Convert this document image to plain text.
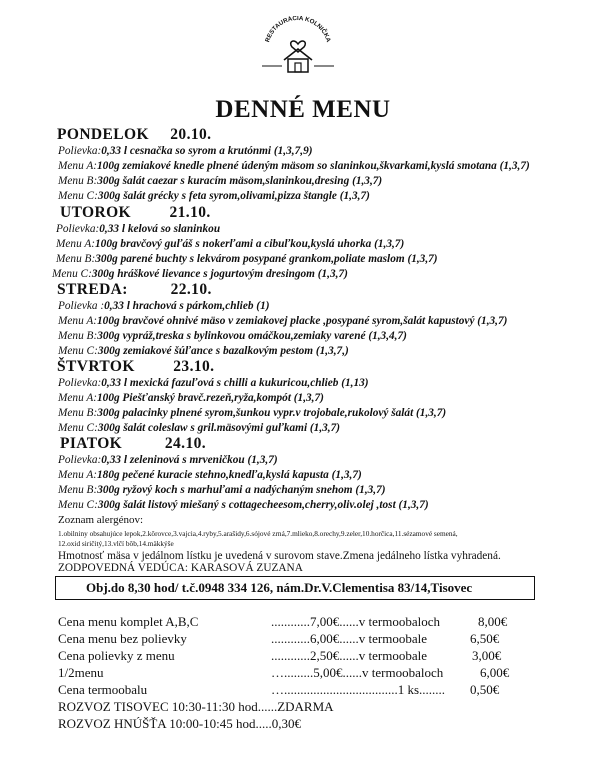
RESTAURÁCIA KOLNIČKA
DENNÉ MENU
PONDELOK 20.10.
Polievka:0,33 l cesnačka so syrom a krutónmi (1,3,7,9)
Menu A:100g zemiakové knedle plnené údeným mäsom so slaninkou,škvarkami,kyslá smotana (1,3,7)
Menu B:300g šalát caezar s kuracím mäsom,slaninkou,dresing (1,3,7)
Menu C:300g šalát grécky s feta syrom,olivami,pizza štangle (1,3,7)
UTOROK 21.10.
Polievka:0,33 l kelová so slaninkou
Menu A:100g bravčový guľáš s nokerľami a cibuľkou,kyslá uhorka (1,3,7)
Menu B:300g parené buchty s lekvárom posypané grankom,poliate maslom (1,3,7)
Menu C:300g hráškové lievance s jogurtovým dresingom (1,3,7)
STREDA:	22.10.
Polievka :0,33 l hrachová s párkom,chlieb (1)
Menu A:100g bravčové ohnivé mäso v zemiakovej placke ,posypané syrom,šalát kapustový (1,3,7)
Menu B:300g vypráž,treska s bylinkovou omáčkou,zemiaky varené (1,3,4,7)
Menu C:300g zemiakové šúľance s bazalkovým pestom (1,3,7,)
ŠTVRTOK 23.10.
Polievka:0,33 l mexická fazuľová s chilli a kukuricou,chlieb (1,13)
Menu A:100g Piešťanský bravč.rezeň,ryža,kompót (1,3,7)
Menu B:300g palacinky plnené syrom,šunkou vypr.v trojobale,rukolový šalát (1,3,7)
Menu C:300g šalát coleslaw s gril.mäsovými guľkami (1,3,7)
PIATOK	24.10.
Polievka:0,33 l zeleninová s mrveničkou (1,3,7)
Menu A:180g pečené kuracie stehno,knedľa,kyslá kapusta (1,3,7)
Menu B:300g ryžový koch s marhuľami a nadýchaným snehom (1,3,7)
Menu C:300g šalát listový miešaný s cottagecheesom,cherry,oliv.olej ,tost (1,3,7)
Zoznam alergénov:
1.obilniny obsahujúce lepok,2.kôrovce,3.vajcia,4.ryby,5.arašidy,6.sójové zrná,7.mlieko,8.orechy,9.zeler,10.horčica,11.sézamové semená,
12.oxid siričitý,13.vlčí bôb,14.mäkkýše
Hmotnosť mäsa v jedálnom lístku je uvedená v surovom stave.Zmena jedálneho lístka vyhradená.
ZODPOVEDNÁ VEDÚCA: KARASOVÁ ZUZANA
Obj.do 8,30 hod/ t.č.0948 334 126, nám.Dr.V.Clementisa 83/14,Tisovec
Cena menu komplet A,B,C	............7,00€......v termoobaloch	8,00€
Cena menu bez polievky	............6,00€......v termoobale	6,50€
Cena polievky z menu	............2,50€......v termoobale	3,00€
1/2menu	….........5,00€......v termoobaloch	6,00€
Cena termoobalu	…...................................1 ks........ 0,50€
ROZVOZ TISOVEC 10:30-11:30 hod......ZDARMA
ROZVOZ HNÚŠŤA 10:00-10:45 hod.....0,30€
